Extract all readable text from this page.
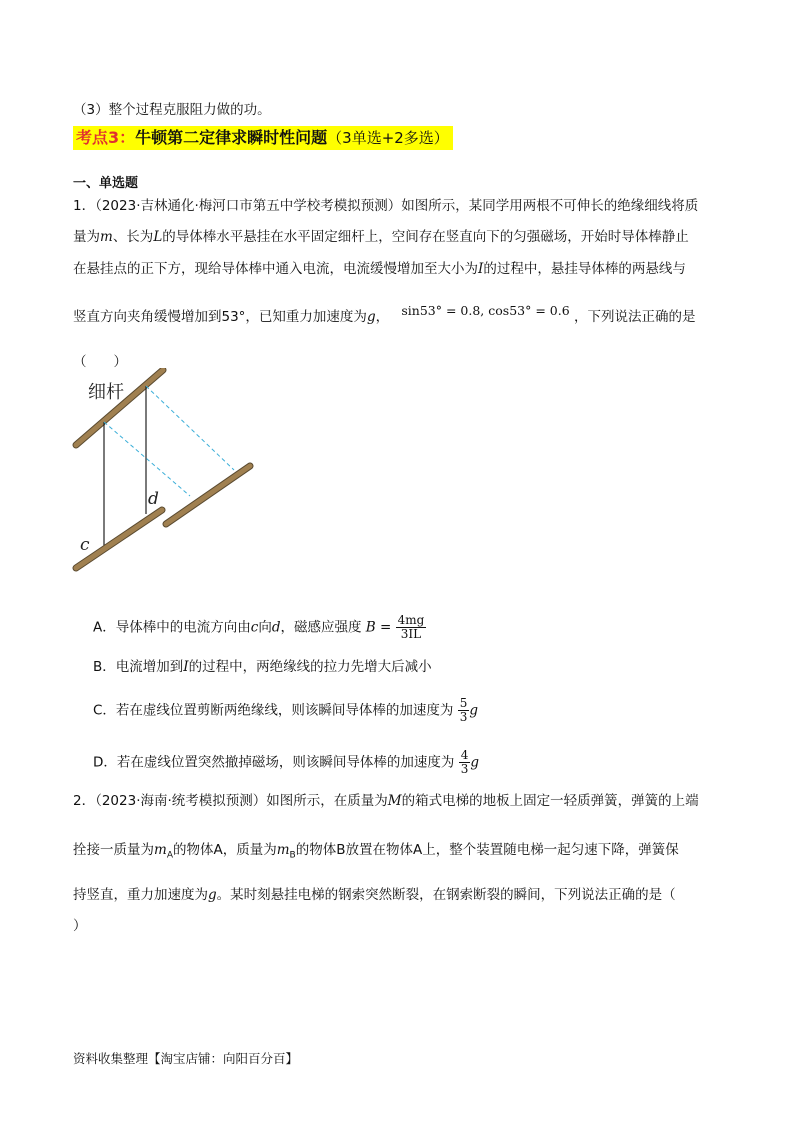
（3）整个过程克服阻力做的功。
考点3：牛顿第二定律求瞬时性问题（3单选+2多选）
一、单选题
1．（2023·吉林通化·梅河口市第五中学校考模拟预测）如图所示，某同学用两根不可伸长的绝缘细线将质
量为m、长为L的导体棒水平悬挂在水平固定细杆上，空间存在竖直向下的匀强磁场，开始时导体棒静止
在悬挂点的正下方，现给导体棒中通入电流，电流缓慢增加至大小为I的过程中，悬挂导体棒的两悬线与
竖直方向夹角缓慢增加到53°，已知重力加速度为g， sin53° = 0.8, cos53° = 0.6 ，下列说法正确的是
（　　）
细杆
c
d
A．导体棒中的电流方向由c向d，磁感应强度 $B = \frac{4mg}{3IL}$
B．电流增加到I的过程中，两绝缘线的拉力先增大后减小
C．若在虚线位置剪断两绝缘线，则该瞬间导体棒的加速度为 $\frac{5}{3}$ g
D．若在虚线位置突然撤掉磁场，则该瞬间导体棒的加速度为 $\frac{4}{3}$ g
2．（2023·海南·统考模拟预测）如图所示，在质量为M的箱式电梯的地板上固定一轻质弹簧，弹簧的上端
拴接一质量为$m_A$的物体A，质量为$m_B$的物体B放置在物体A上，整个装置随电梯一起匀速下降，弹簧保
持竖直，重力加速度为g。某时刻悬挂电梯的钢索突然断裂，在钢索断裂的瞬间，下列说法正确的是（
）
资料收集整理【淘宝店铺：向阳百分百】
